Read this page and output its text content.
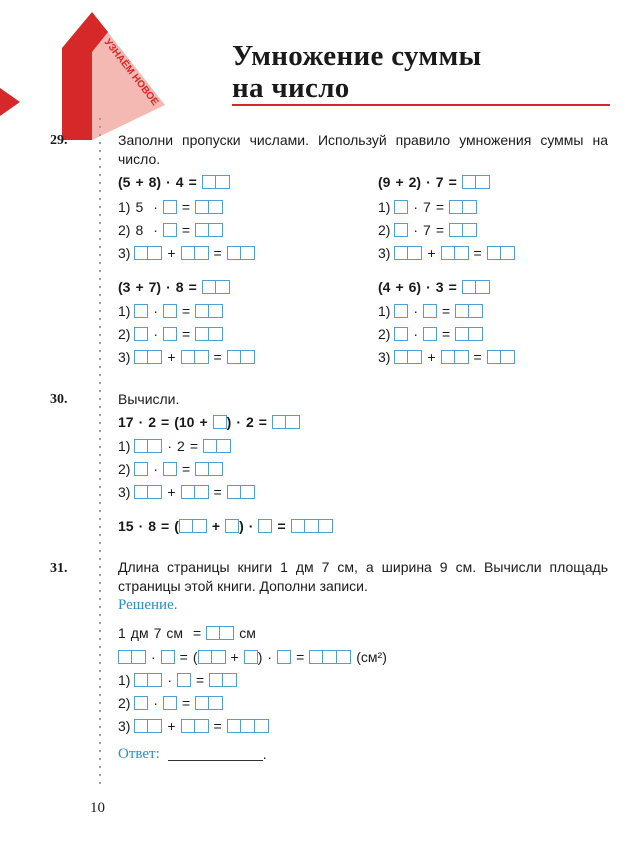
УЗНАЁМ НОВОЕ Умножение суммы
на число
29.	Заполни пропуски числами. Используй правило умножения суммы на число.
(5 + 8) · 4 =
1) 5 · =
2) 8 · =
3)
	+	=
(9 + 2) · 7 =
1)
· 7 =
2)
· 7 =
3)
	+	=
(3 + 7) · 8 =
1)
· =
2)
· =
3)
	+	=
(4 + 6) · 3 =
1)
· =
2)
· =
3)
	+	=
30.	Вычисли.
17 · 2 = (10 + ) · 2 =
1)
	· 2 =
2)
· =
3)
	+	=
15 · 8 = ( + ) · =
31.	Длина страницы книги 1 дм 7 см, а ширина 9 см. Вычисли площадь страницы этой книги. Дополни записи.
Решение.
1 дм 7 см =	см
· = ( + ) · =	(см²)
1)
	· =
2)
· =
3)
	+	=
Ответ:	.
10
